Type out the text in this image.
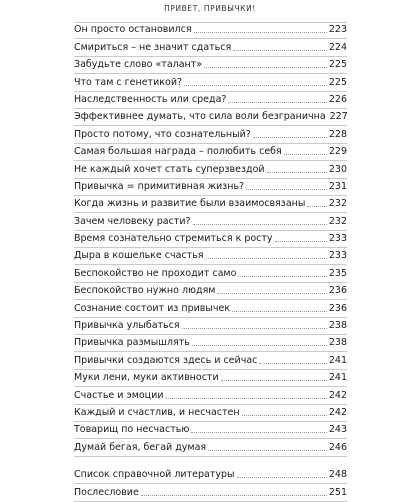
ПРИВЕТ, ПРИВЫЧКИ!
Он просто остановился	223
Смириться – не значит сдаться	224
Забудьте слово «талант»	225
Что там с генетикой?	225
Наследственность или среда?	226
Эффективнее думать, что сила воли безгранична 227
Просто потому, что сознательный?	228
Самая большая награда – полюбить себя	229
Не каждый хочет стать суперзвездой	230
Привычка = примитивная жизнь?	231
Когда жизнь и развитие были взаимосвязаны 232
Зачем человеку расти?	232
Время сознательно стремиться к росту	233
Дыра в кошельке счастья	233
Беспокойство не проходит само	235
Беспокойство нужно людям	236
Сознание состоит из привычек	236
Привычка улыбаться	238
Привычка размышлять	238
Привычки создаются здесь и сейчас	241
Муки лени, муки активности	241
Счастье и эмоции	242
Каждый и счастлив, и несчастен	242
Товарищ по несчастью	243
Думай бегая, бегай думая	246
Список справочной литературы	248
Послесловие	251
